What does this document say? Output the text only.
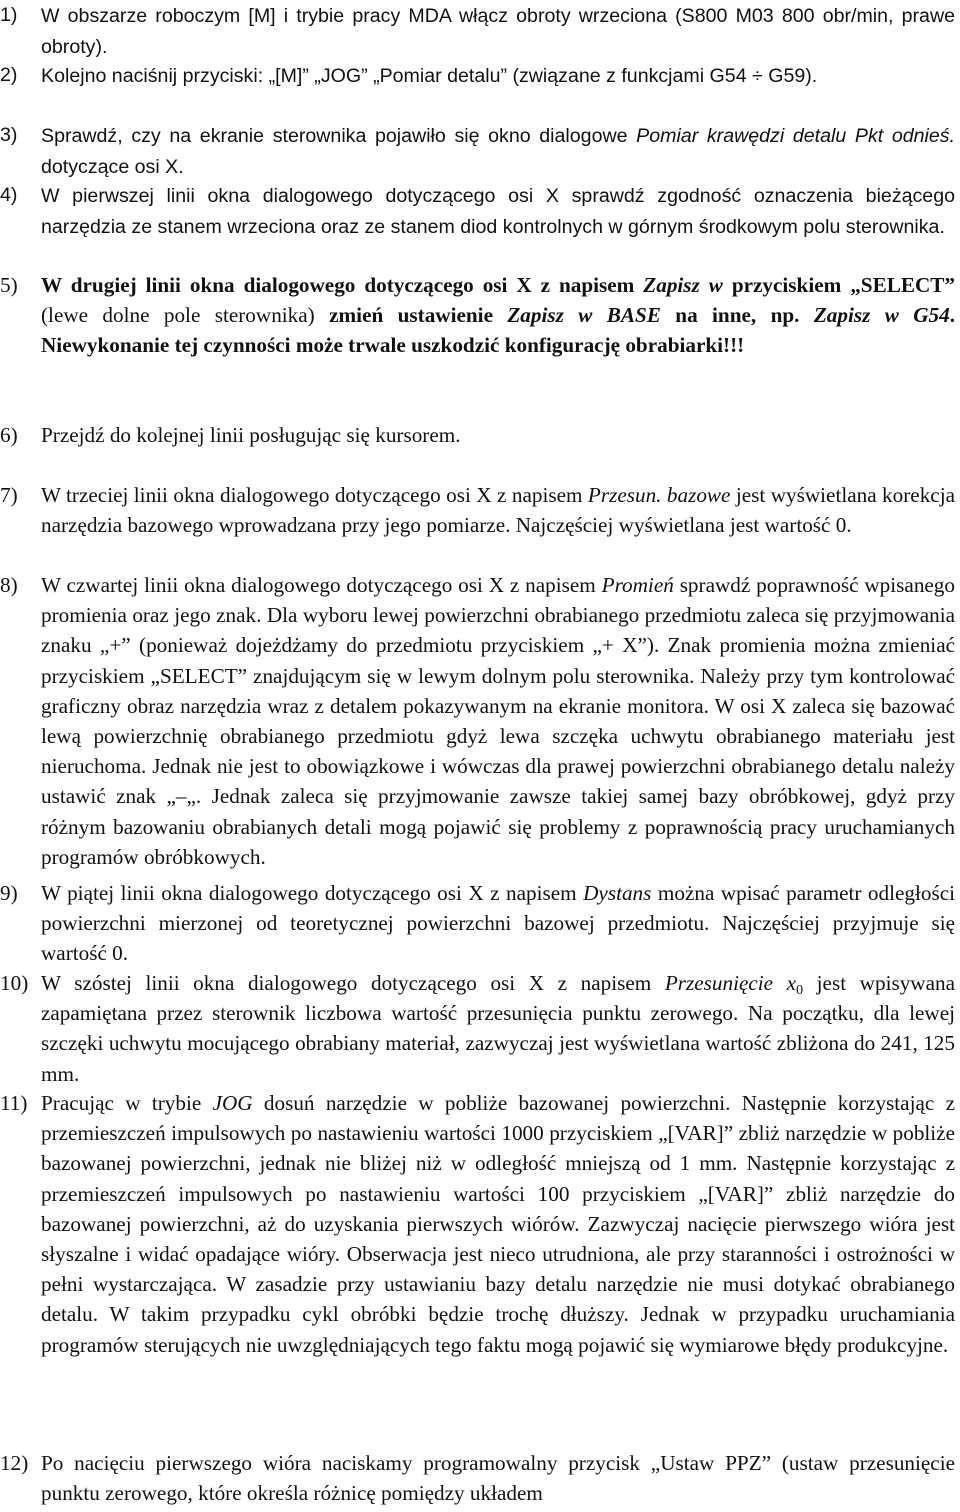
1)	W obszarze roboczym [M] i trybie pracy MDA włącz obroty wrzeciona (S800 M03 800 obr/min, prawe obroty).
2)	Kolejno naciśnij przyciski: „[M]” „JOG” „Pomiar detalu” (związane z funkcjami G54 ÷ G59).
3)	Sprawdź, czy na ekranie sterownika pojawiło się okno dialogowe Pomiar krawędzi detalu Pkt odnieś. dotyczące osi X.
4)	W pierwszej linii okna dialogowego dotyczącego osi X sprawdź zgodność oznaczenia bieżącego narzędzia ze stanem wrzeciona oraz ze stanem diod kontrolnych w górnym środkowym polu sterownika.
5)	W drugiej linii okna dialogowego dotyczącego osi X z napisem Zapisz w przyciskiem „SELECT” (lewe dolne pole sterownika) zmień ustawienie Zapisz w BASE na inne, np. Zapisz w G54. Niewykonanie tej czynności może trwale uszkodzić konfigurację obrabiarki!!!
6)	Przejdź do kolejnej linii posługując się kursorem.
7)	W trzeciej linii okna dialogowego dotyczącego osi X z napisem Przesun. bazowe jest wyświetlana korekcja narzędzia bazowego wprowadzana przy jego pomiarze. Najczęściej wyświetlana jest wartość 0.
8)	W czwartej linii okna dialogowego dotyczącego osi X z napisem Promień sprawdź poprawność wpisanego promienia oraz jego znak. Dla wyboru lewej powierzchni obrabianego przedmiotu zaleca się przyjmowania znaku „+” (ponieważ dojeżdżamy do przedmiotu przyciskiem „+ X”). Znak promienia można zmieniać przyciskiem „SELECT” znajdującym się w lewym dolnym polu sterownika. Należy przy tym kontrolować graficzny obraz narzędzia wraz z detalem pokazywanym na ekranie monitora. W osi X zaleca się bazować lewą powierzchnię obrabianego przedmiotu gdyż lewa szczęka uchwytu obrabianego materiału jest nieruchoma. Jednak nie jest to obowiązkowe i wówczas dla prawej powierzchni obrabianego detalu należy ustawić znak „–„. Jednak zaleca się przyjmowanie zawsze takiej samej bazy obróbkowej, gdyż przy różnym bazowaniu obrabianych detali mogą pojawić się problemy z poprawnością pracy uruchamianych programów obróbkowych.
9)	W piątej linii okna dialogowego dotyczącego osi X z napisem Dystans można wpisać parametr odległości powierzchni mierzonej od teoretycznej powierzchni bazowej przedmiotu. Najczęściej przyjmuje się wartość 0.
10) W szóstej linii okna dialogowego dotyczącego osi X z napisem Przesunięcie $x_0$ jest wpisywana zapamiętana przez sterownik liczbowa wartość przesunięcia punktu zerowego. Na początku, dla lewej szczęki uchwytu mocującego obrabiany materiał, zazwyczaj jest wyświetlana wartość zbliżona do 241, 125 mm.
11) Pracując w trybie JOG dosuń narzędzie w pobliże bazowanej powierzchni. Następnie korzystając z przemieszczeń impulsowych po nastawieniu wartości 1000 przyciskiem „[VAR]” zbliż narzędzie w pobliże bazowanej powierzchni, jednak nie bliżej niż w odległość mniejszą od 1 mm. Następnie korzystając z przemieszczeń impulsowych po nastawieniu wartości 100 przyciskiem „[VAR]” zbliż narzędzie do bazowanej powierzchni, aż do uzyskania pierwszych wiórów. Zazwyczaj nacięcie pierwszego wióra jest słyszalne i widać opadające wióry. Obserwacja jest nieco utrudniona, ale przy staranności i ostrożności w pełni wystarczająca. W zasadzie przy ustawianiu bazy detalu narzędzie nie musi dotykać obrabianego detalu. W takim przypadku cykl obróbki będzie trochę dłuższy. Jednak w przypadku uruchamiania programów sterujących nie uwzględniających tego faktu mogą pojawić się wymiarowe błędy produkcyjne.
12) Po nacięciu pierwszego wióra naciskamy programowalny przycisk „Ustaw PPZ” (ustaw przesunięcie punktu zerowego, które określa różnicę pomiędzy układem
